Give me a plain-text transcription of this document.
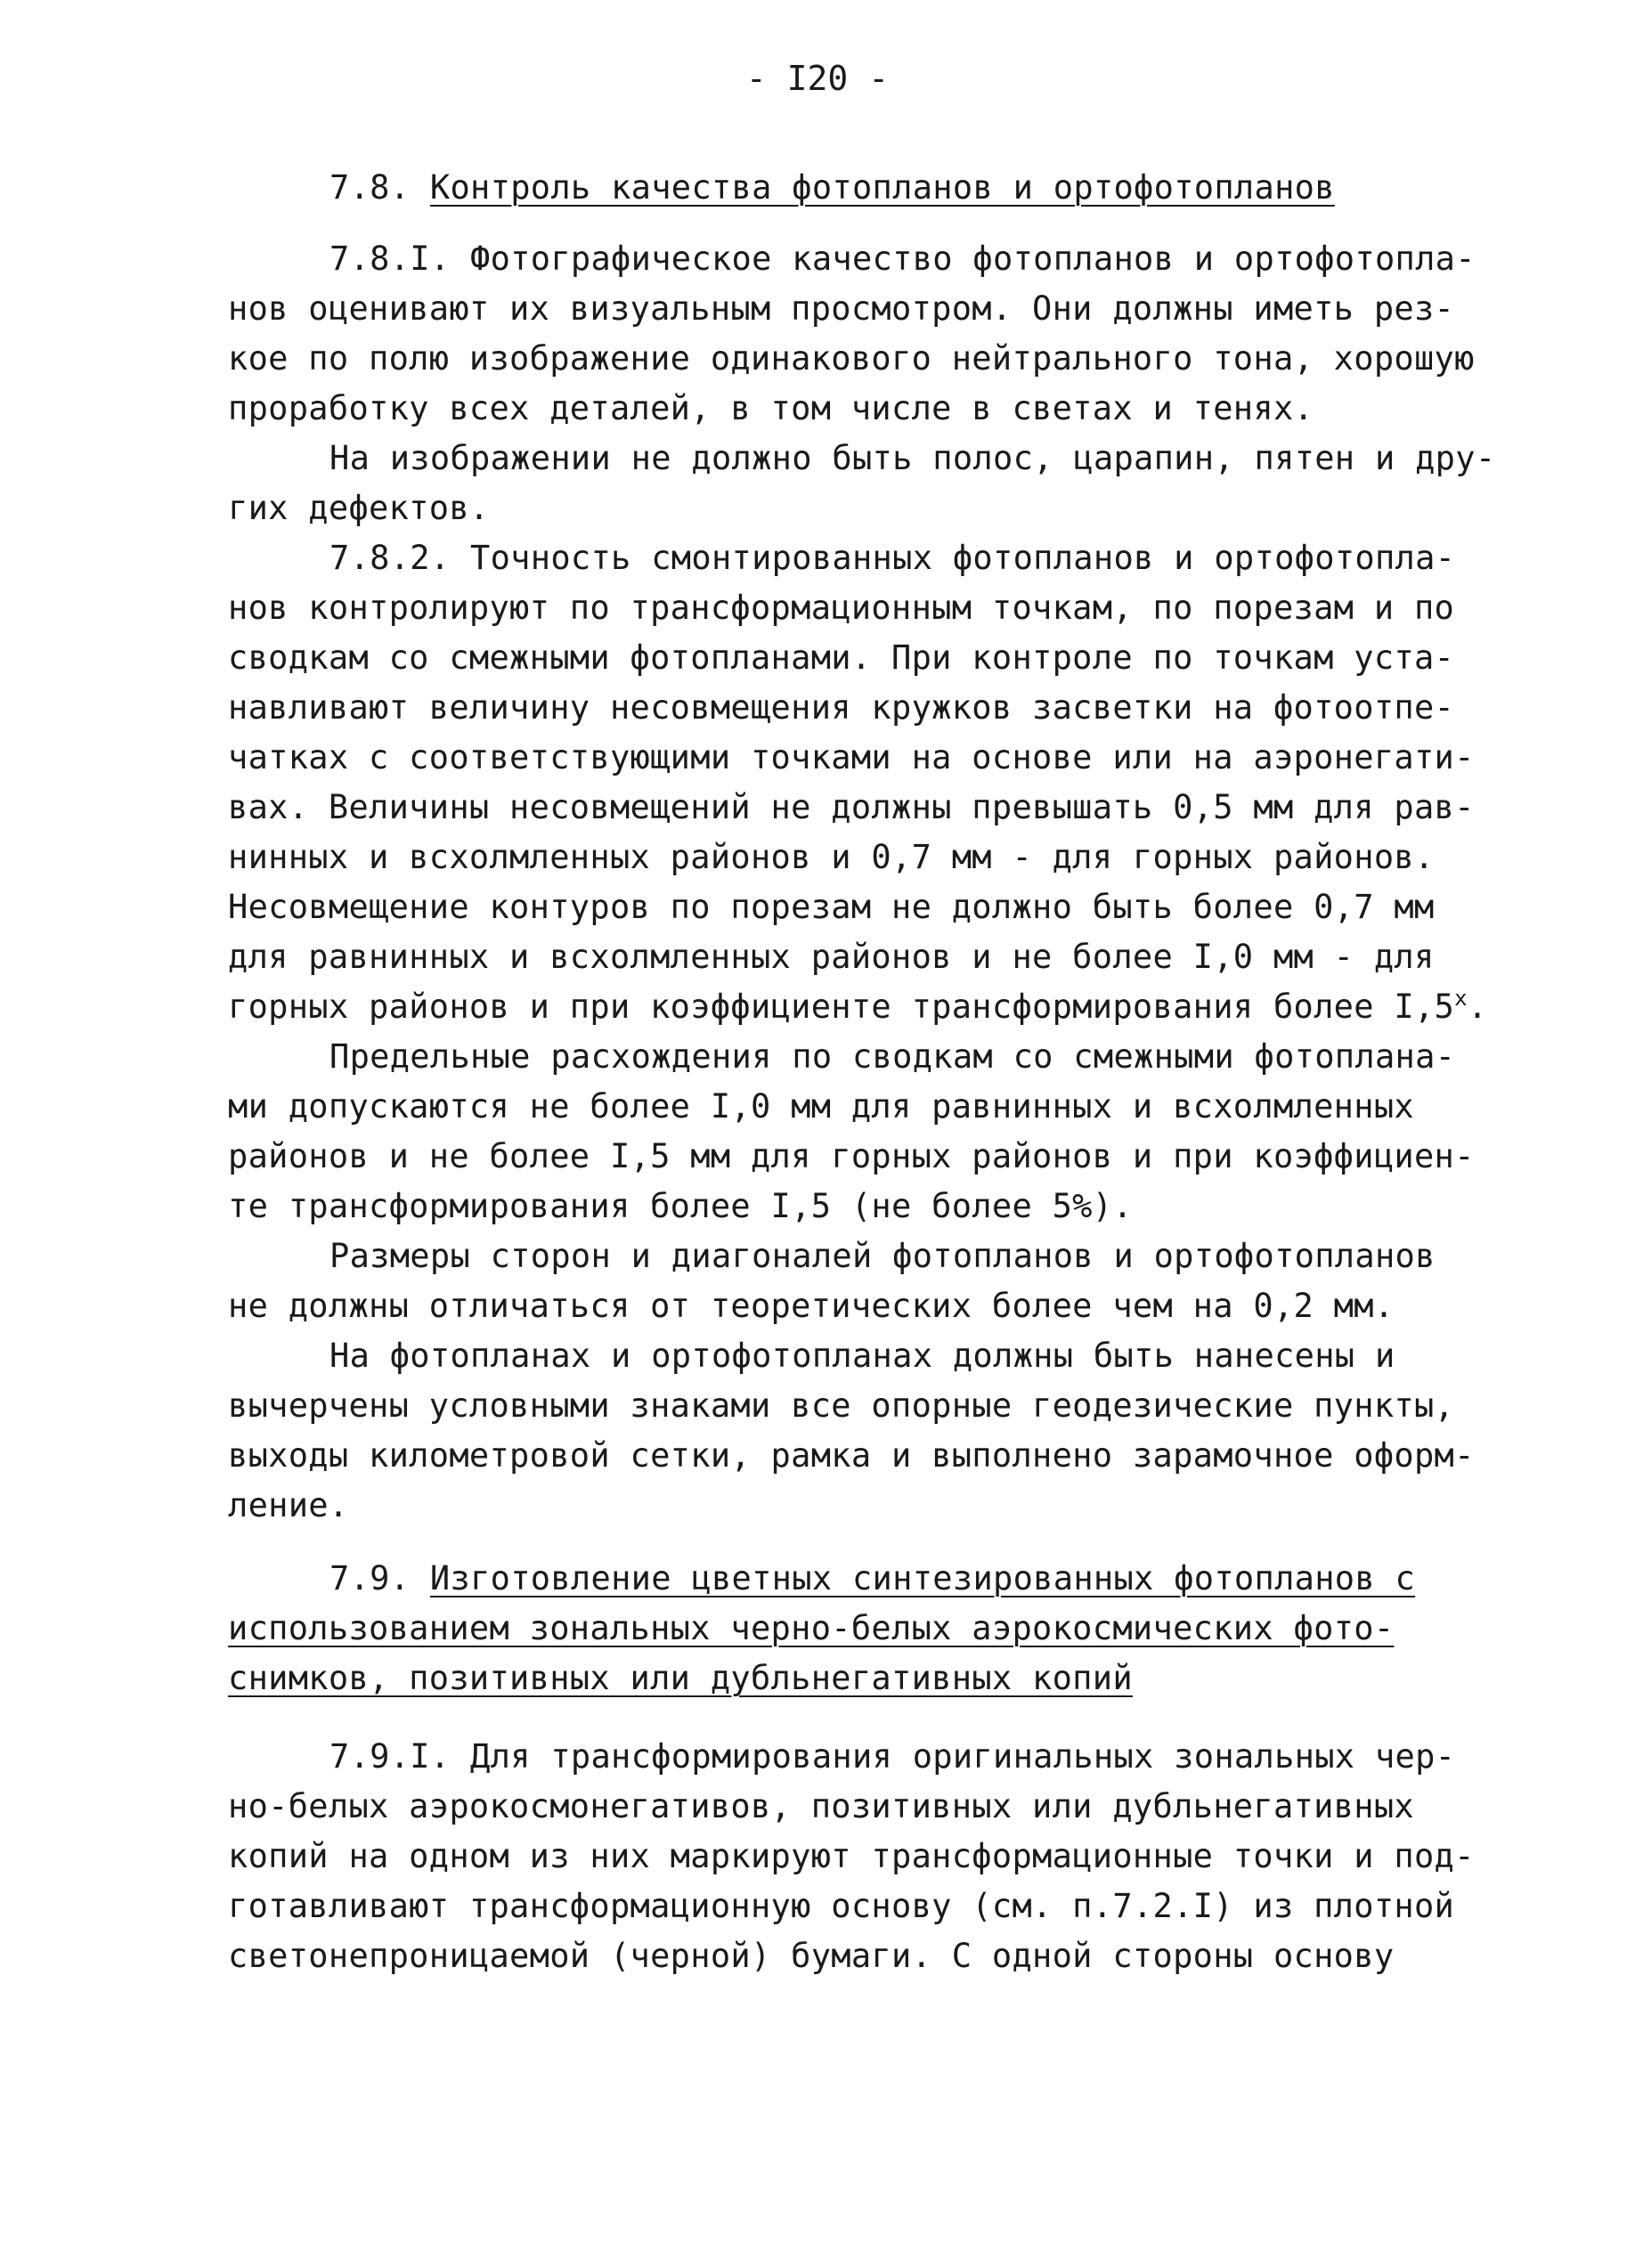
- I20 -
7.8. Контроль качества фотопланов и ортофотопланов
7.8.I. Фотографическое качество фотопланов и ортофотопла-
нов оценивают их визуальным просмотром. Они должны иметь рез-
кое по полю изображение одинакового нейтрального тона, хорошую
проработку всех деталей, в том числе в светах и тенях.
На изображении не должно быть полос, царапин, пятен и дру-
гих дефектов.
7.8.2. Точность смонтированных фотопланов и ортофотопла-
нов контролируют по трансформационным точкам, по порезам и по
сводкам со смежными фотопланами. При контроле по точкам уста-
навливают величину несовмещения кружков засветки на фотоотпе-
чатках с соответствующими точками на основе или на аэронегати-
вах. Величины несовмещений не должны превышать 0,5 мм для рав-
нинных и всхолмленных районов и 0,7 мм - для горных районов.
Несовмещение контуров по порезам не должно быть более 0,7 мм
для равнинных и всхолмленных районов и не более I,0 мм - для
горных районов и при коэффициенте трансформирования более I,5$^x$.
Предельные расхождения по сводкам со смежными фотоплана-
ми допускаются не более I,0 мм для равнинных и всхолмленных
районов и не более I,5 мм для горных районов и при коэффициен-
те трансформирования более I,5 (не более 5%).
Размеры сторон и диагоналей фотопланов и ортофотопланов
не должны отличаться от теоретических более чем на 0,2 мм.
На фотопланах и ортофотопланах должны быть нанесены и
вычерчены условными знаками все опорные геодезические пункты,
выходы километровой сетки, рамка и выполнено зарамочное оформ-
ление.
7.9. Изготовление цветных синтезированных фотопланов с
использованием зональных черно-белых аэрокосмических фото-
снимков, позитивных или дубльнегативных копий
7.9.I. Для трансформирования оригинальных зональных чер-
но-белых аэрокосмонегативов, позитивных или дубльнегативных
копий на одном из них маркируют трансформационные точки и под-
готавливают трансформационную основу (см. п.7.2.I) из плотной
светонепроницаемой (черной) бумаги. С одной стороны основу
